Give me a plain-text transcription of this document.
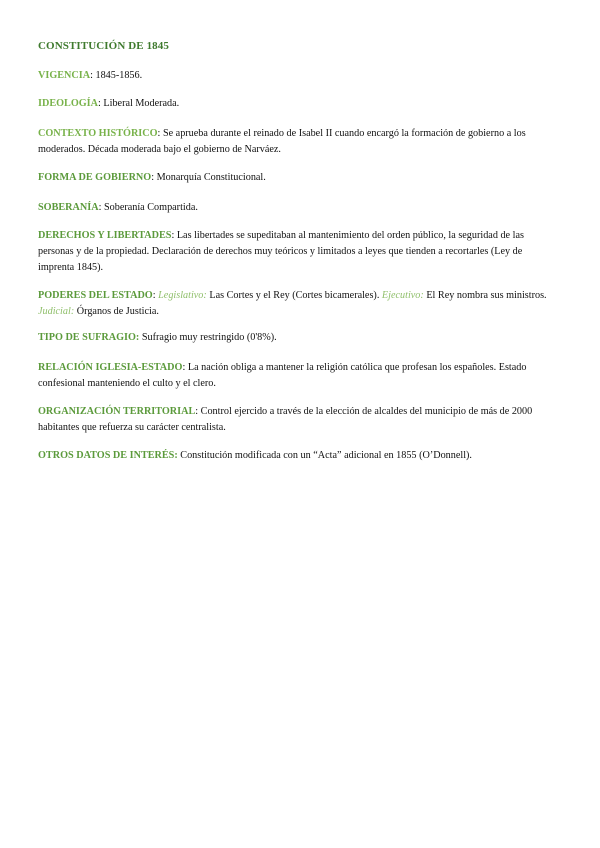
CONSTITUCIÓN DE 1845
VIGENCIA: 1845-1856.
IDEOLOGÍA: Liberal Moderada.
CONTEXTO HISTÓRICO: Se aprueba durante el reinado de Isabel II cuando encargó la formación de gobierno a los moderados. Década moderada bajo el gobierno de Narváez.
FORMA DE GOBIERNO: Monarquía Constitucional.
SOBERANÍA: Soberanía Compartida.
DERECHOS Y LIBERTADES: Las libertades se supeditaban al mantenimiento del orden público, la seguridad de las personas y de la propiedad. Declaración de derechos muy teóricos y limitados a leyes que tienden a recortarles (Ley de imprenta 1845).
PODERES DEL ESTADO: Legislativo: Las Cortes y el Rey (Cortes bicamerales). Ejecutivo: El Rey nombra sus ministros. Judicial: Órganos de Justicia.
TIPO DE SUFRAGIO: Sufragio muy restringido (0'8%).
RELACIÓN IGLESIA-ESTADO: La nación obliga a mantener la religión católica que profesan los españoles. Estado confesional manteniendo el culto y el clero.
ORGANIZACIÓN TERRITORIAL: Control ejercido a través de la elección de alcaldes del municipio de más de 2000 habitantes que refuerza su carácter centralista.
OTROS DATOS DE INTERÉS: Constitución modificada con un “Acta” adicional en 1855 (O’Donnell).
